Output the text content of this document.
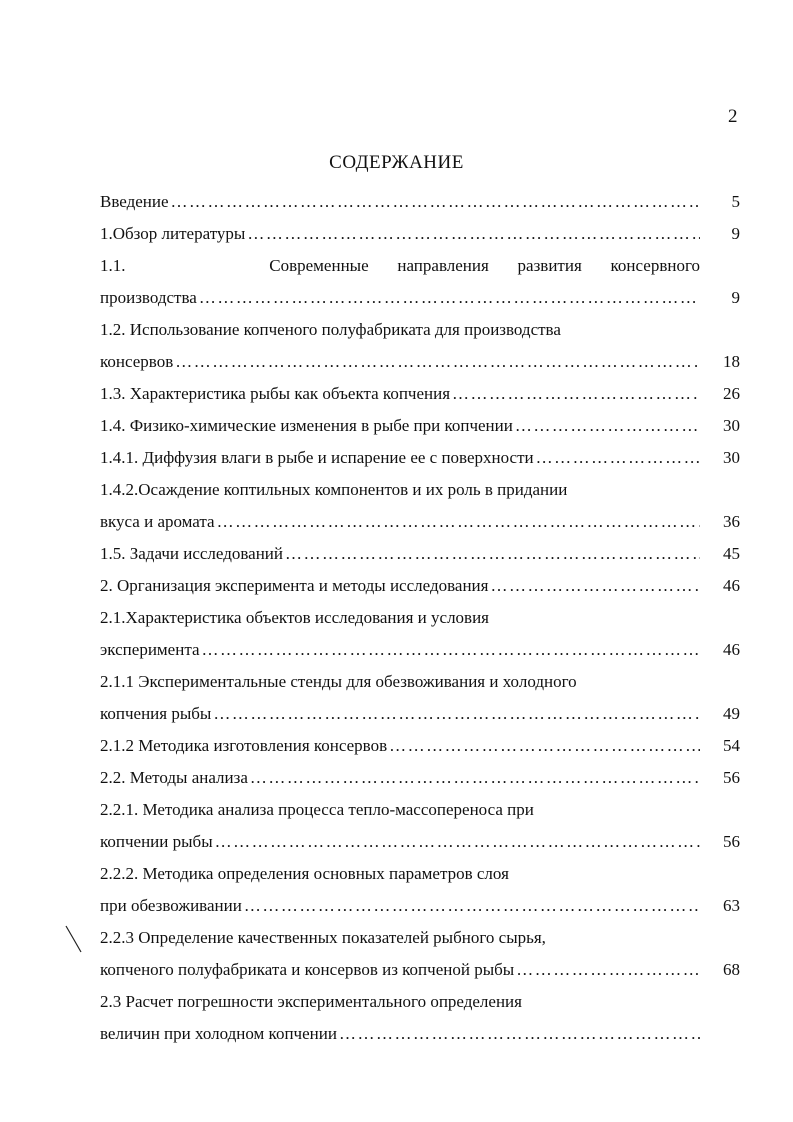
2
СОДЕРЖАНИЕ
Введение …………………………………………………………………………………………………………………………………………………	5
1.Обзор литературы …………………………………………………………………………………………………………………………………………………	9
1.1.     Современные направления развития консервного
производства …………………………………………………………………………………………………………………………………………………	9
1.2. Использование копченого полуфабриката для производства
консервов …………………………………………………………………………………………………………………………………………………	18
1.3. Характеристика рыбы как объекта копчения …………………………………………………………………………………………………………………………………………………	26
1.4. Физико-химические изменения в рыбе при копчении …………………………………………………………………………………………………………………………………………………	30
1.4.1. Диффузия влаги в рыбе и испарение ее с поверхности …………………………………………………………………………………………………………………………………………………	30
1.4.2.Осаждение коптильных компонентов и их роль в придании
вкуса и аромата …………………………………………………………………………………………………………………………………………………	36
1.5. Задачи исследований …………………………………………………………………………………………………………………………………………………	45
2. Организация эксперимента и методы исследования …………………………………………………………………………………………………………………………………………………	46
2.1.Характеристика объектов исследования и условия
эксперимента …………………………………………………………………………………………………………………………………………………	46
2.1.1 Экспериментальные стенды для обезвоживания и холодного
копчения рыбы …………………………………………………………………………………………………………………………………………………	49
2.1.2 Методика изготовления консервов …………………………………………………………………………………………………………………………………………………	54
2.2. Методы анализа …………………………………………………………………………………………………………………………………………………	56
2.2.1. Методика анализа процесса тепло-массопереноса при
копчении рыбы …………………………………………………………………………………………………………………………………………………	56
2.2.2. Методика определения основных параметров слоя
при обезвоживании …………………………………………………………………………………………………………………………………………………	63
2.2.3 Определение качественных показателей рыбного сырья,
копченого полуфабриката и консервов из копченой рыбы …………………………………………………………………………………………………………………………………………………	68
2.3 Расчет погрешности экспериментального определения
величин при холодном копчении
…………………………………………………………………………………………………………………………………………………
